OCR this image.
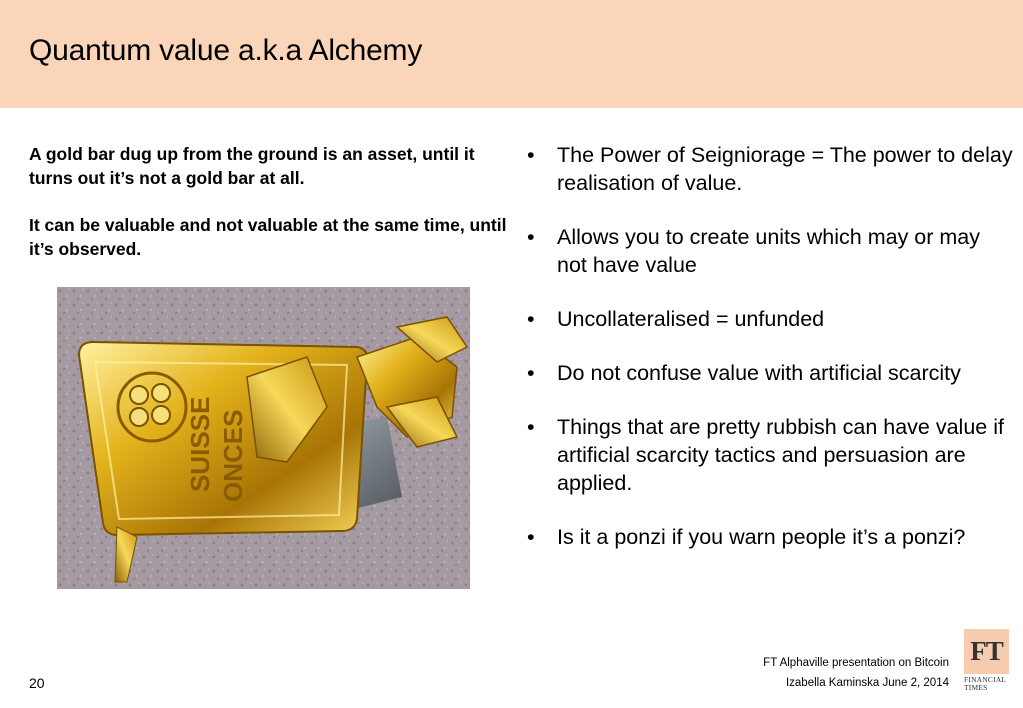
Quantum value a.k.a Alchemy

A gold bar dug up from the ground is an asset, until it turns out it’s not a gold bar at all.

It can be valuable and not valuable at the same time, until it’s observed.

SUISSE ONCES
• The Power of Seigniorage = The power to delay realisation of value.
• Allows you to create units which may or may not have value
• Uncollateralised = unfunded
• Do not confuse value with artificial scarcity
• Things that are pretty rubbish can have value if artificial scarcity tactics and persuasion are applied.
• Is it a ponzi if you warn people it’s a ponzi?
FT Alphaville presentation on Bitcoin
Izabella Kaminska June 2, 2014
20
FT
FINANCIAL
TIMES
